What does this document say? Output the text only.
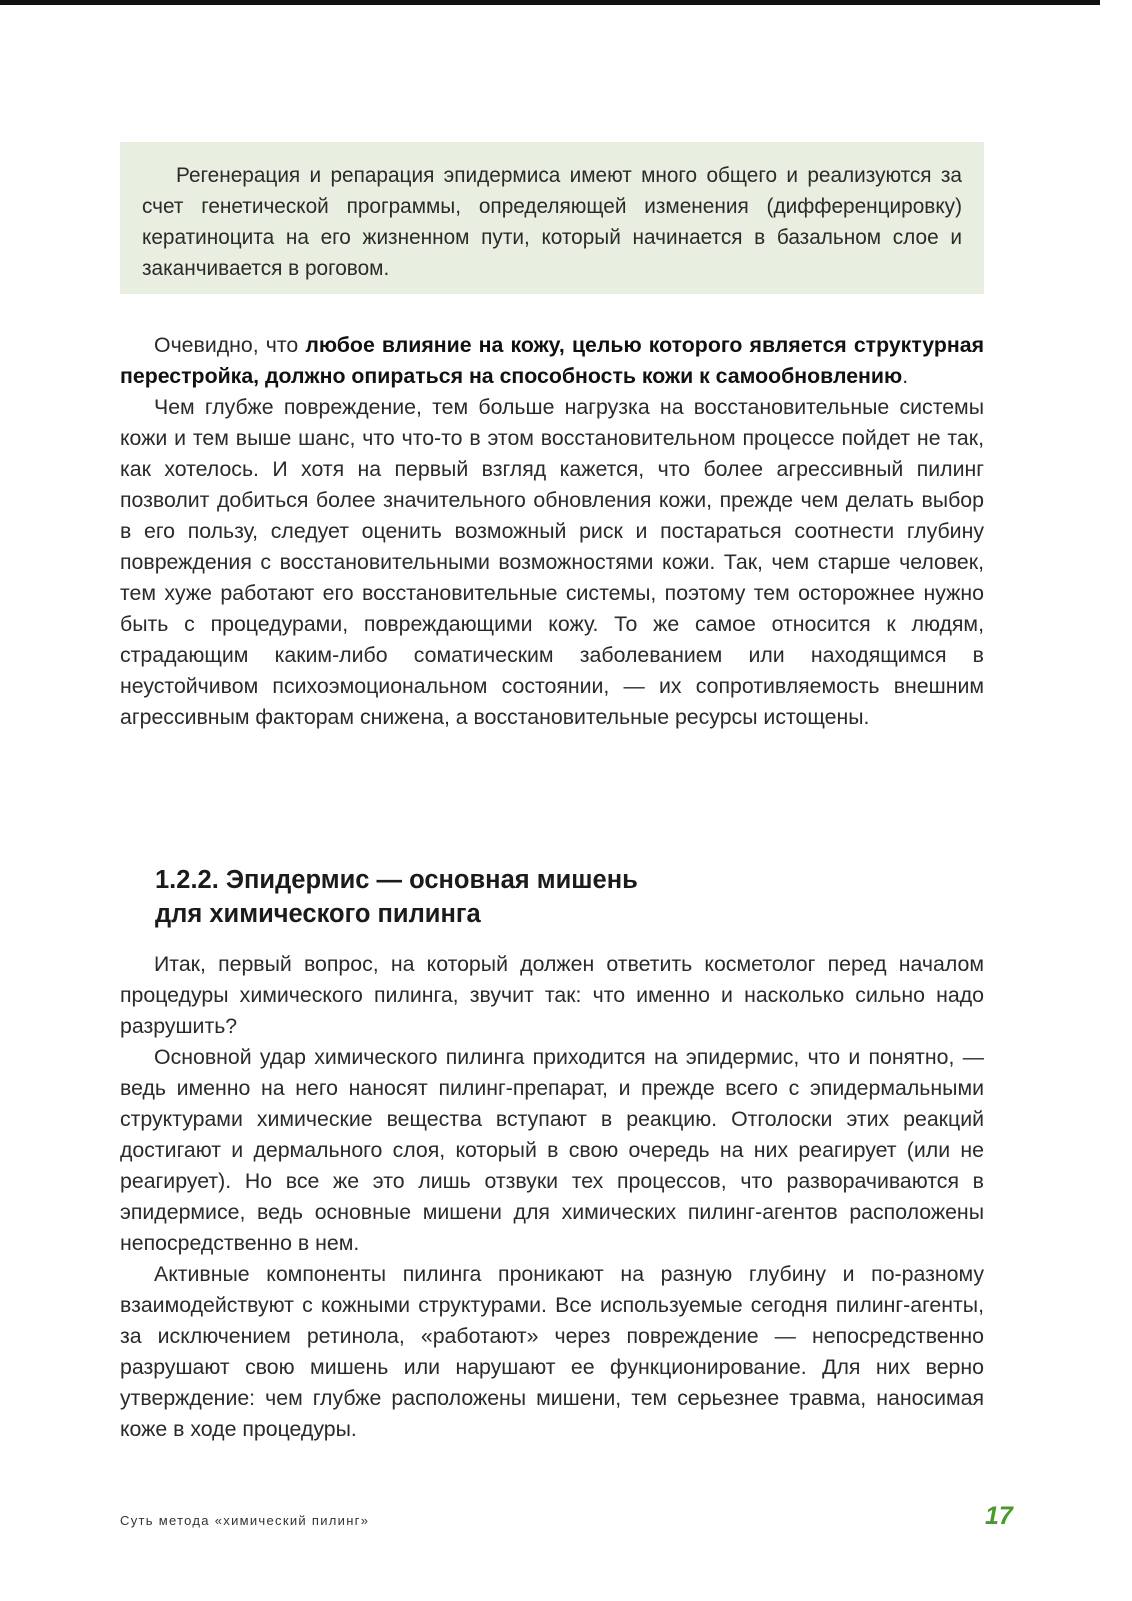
Регенерация и репарация эпидермиса имеют много общего и реализуются за счет генетической программы, определяющей изменения (дифференцировку) кератиноцита на его жизненном пути, который начинается в базальном слое и заканчивается в роговом.

Очевидно, что любое влияние на кожу, целью которого является структурная перестройка, должно опираться на способность кожи к самообновлению.

Чем глубже повреждение, тем больше нагрузка на восстановительные системы кожи и тем выше шанс, что что-то в этом восстановительном процессе пойдет не так, как хотелось. И хотя на первый взгляд кажется, что более агрессивный пилинг позволит добиться более значительного обновления кожи, прежде чем делать выбор в его пользу, следует оценить возможный риск и постараться соотнести глубину повреждения с восстановительными возможностями кожи. Так, чем старше человек, тем хуже работают его восстановительные системы, поэтому тем осторожнее нужно быть с процедурами, повреждающими кожу. То же самое относится к людям, страдающим каким-либо соматическим заболеванием или находящимся в неустойчивом психоэмоциональном состоянии, — их сопротивляемость внешним агрессивным факторам снижена, а восстановительные ресурсы истощены.

1.2.2. Эпидермис — основная мишень
для химического пилинга

Итак, первый вопрос, на который должен ответить косметолог перед началом процедуры химического пилинга, звучит так: что именно и насколько сильно надо разрушить?

Основной удар химического пилинга приходится на эпидермис, что и понятно, — ведь именно на него наносят пилинг-препарат, и прежде всего с эпидермальными структурами химические вещества вступают в реакцию. Отголоски этих реакций достигают и дермального слоя, который в свою очередь на них реагирует (или не реагирует). Но все же это лишь отзвуки тех процессов, что разворачиваются в эпидермисе, ведь основные мишени для химических пилинг-агентов расположены непосредственно в нем.

Активные компоненты пилинга проникают на разную глубину и по-разному взаимодействуют с кожными структурами. Все используемые сегодня пилинг-агенты, за исключением ретинола, «работают» через повреждение — непосредственно разрушают свою мишень или нарушают ее функционирование. Для них верно утверждение: чем глубже расположены мишени, тем серьезнее травма, наносимая коже в ходе процедуры.

Суть метода «химический пилинг»	17
